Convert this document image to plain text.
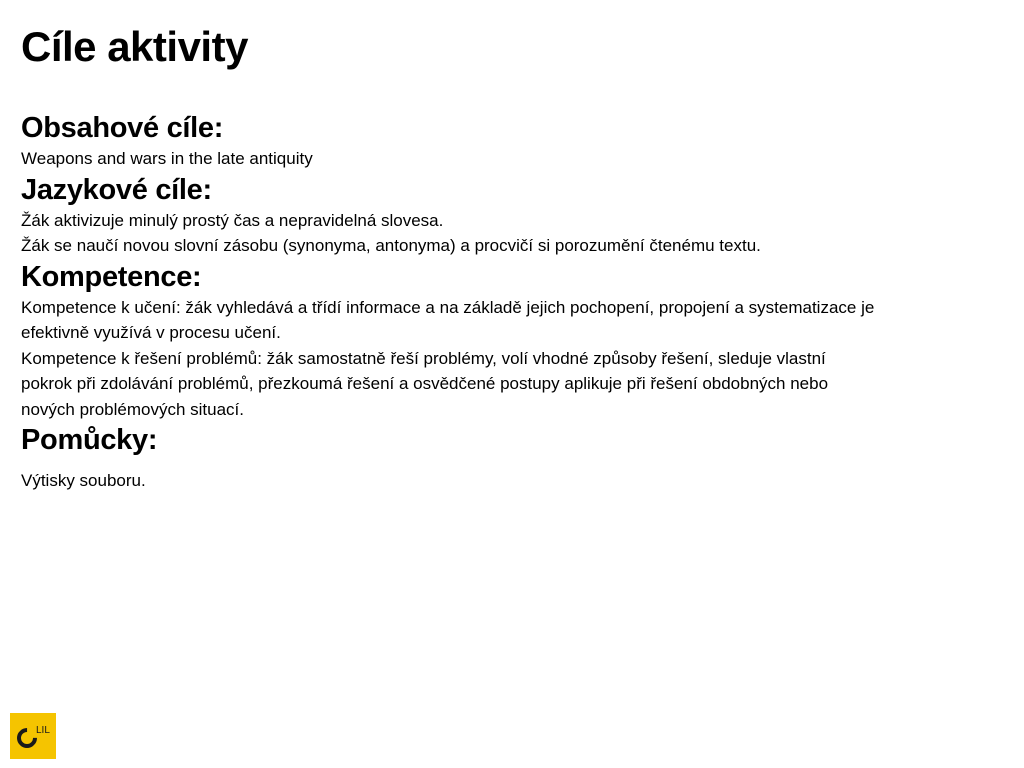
Cíle aktivity
Obsahové cíle:

Weapons and wars in the late antiquity

Jazykové cíle:

Žák aktivizuje minulý prostý čas a nepravidelná slovesa.

Žák se naučí novou slovní zásobu (synonyma, antonyma) a procvičí si porozumění čtenému textu.

Kompetence:

Kompetence k učení: žák vyhledává a třídí informace a na základě jejich pochopení, propojení a systematizace je

efektivně využívá v procesu učení.

Kompetence k řešení problémů: žák samostatně řeší problémy, volí vhodné způsoby řešení, sleduje vlastní

pokrok při zdolávání problémů, přezkoumá řešení a osvědčené postupy aplikuje při řešení obdobných nebo

nových problémových situací.

Pomůcky:

Výtisky souboru.

LIL
